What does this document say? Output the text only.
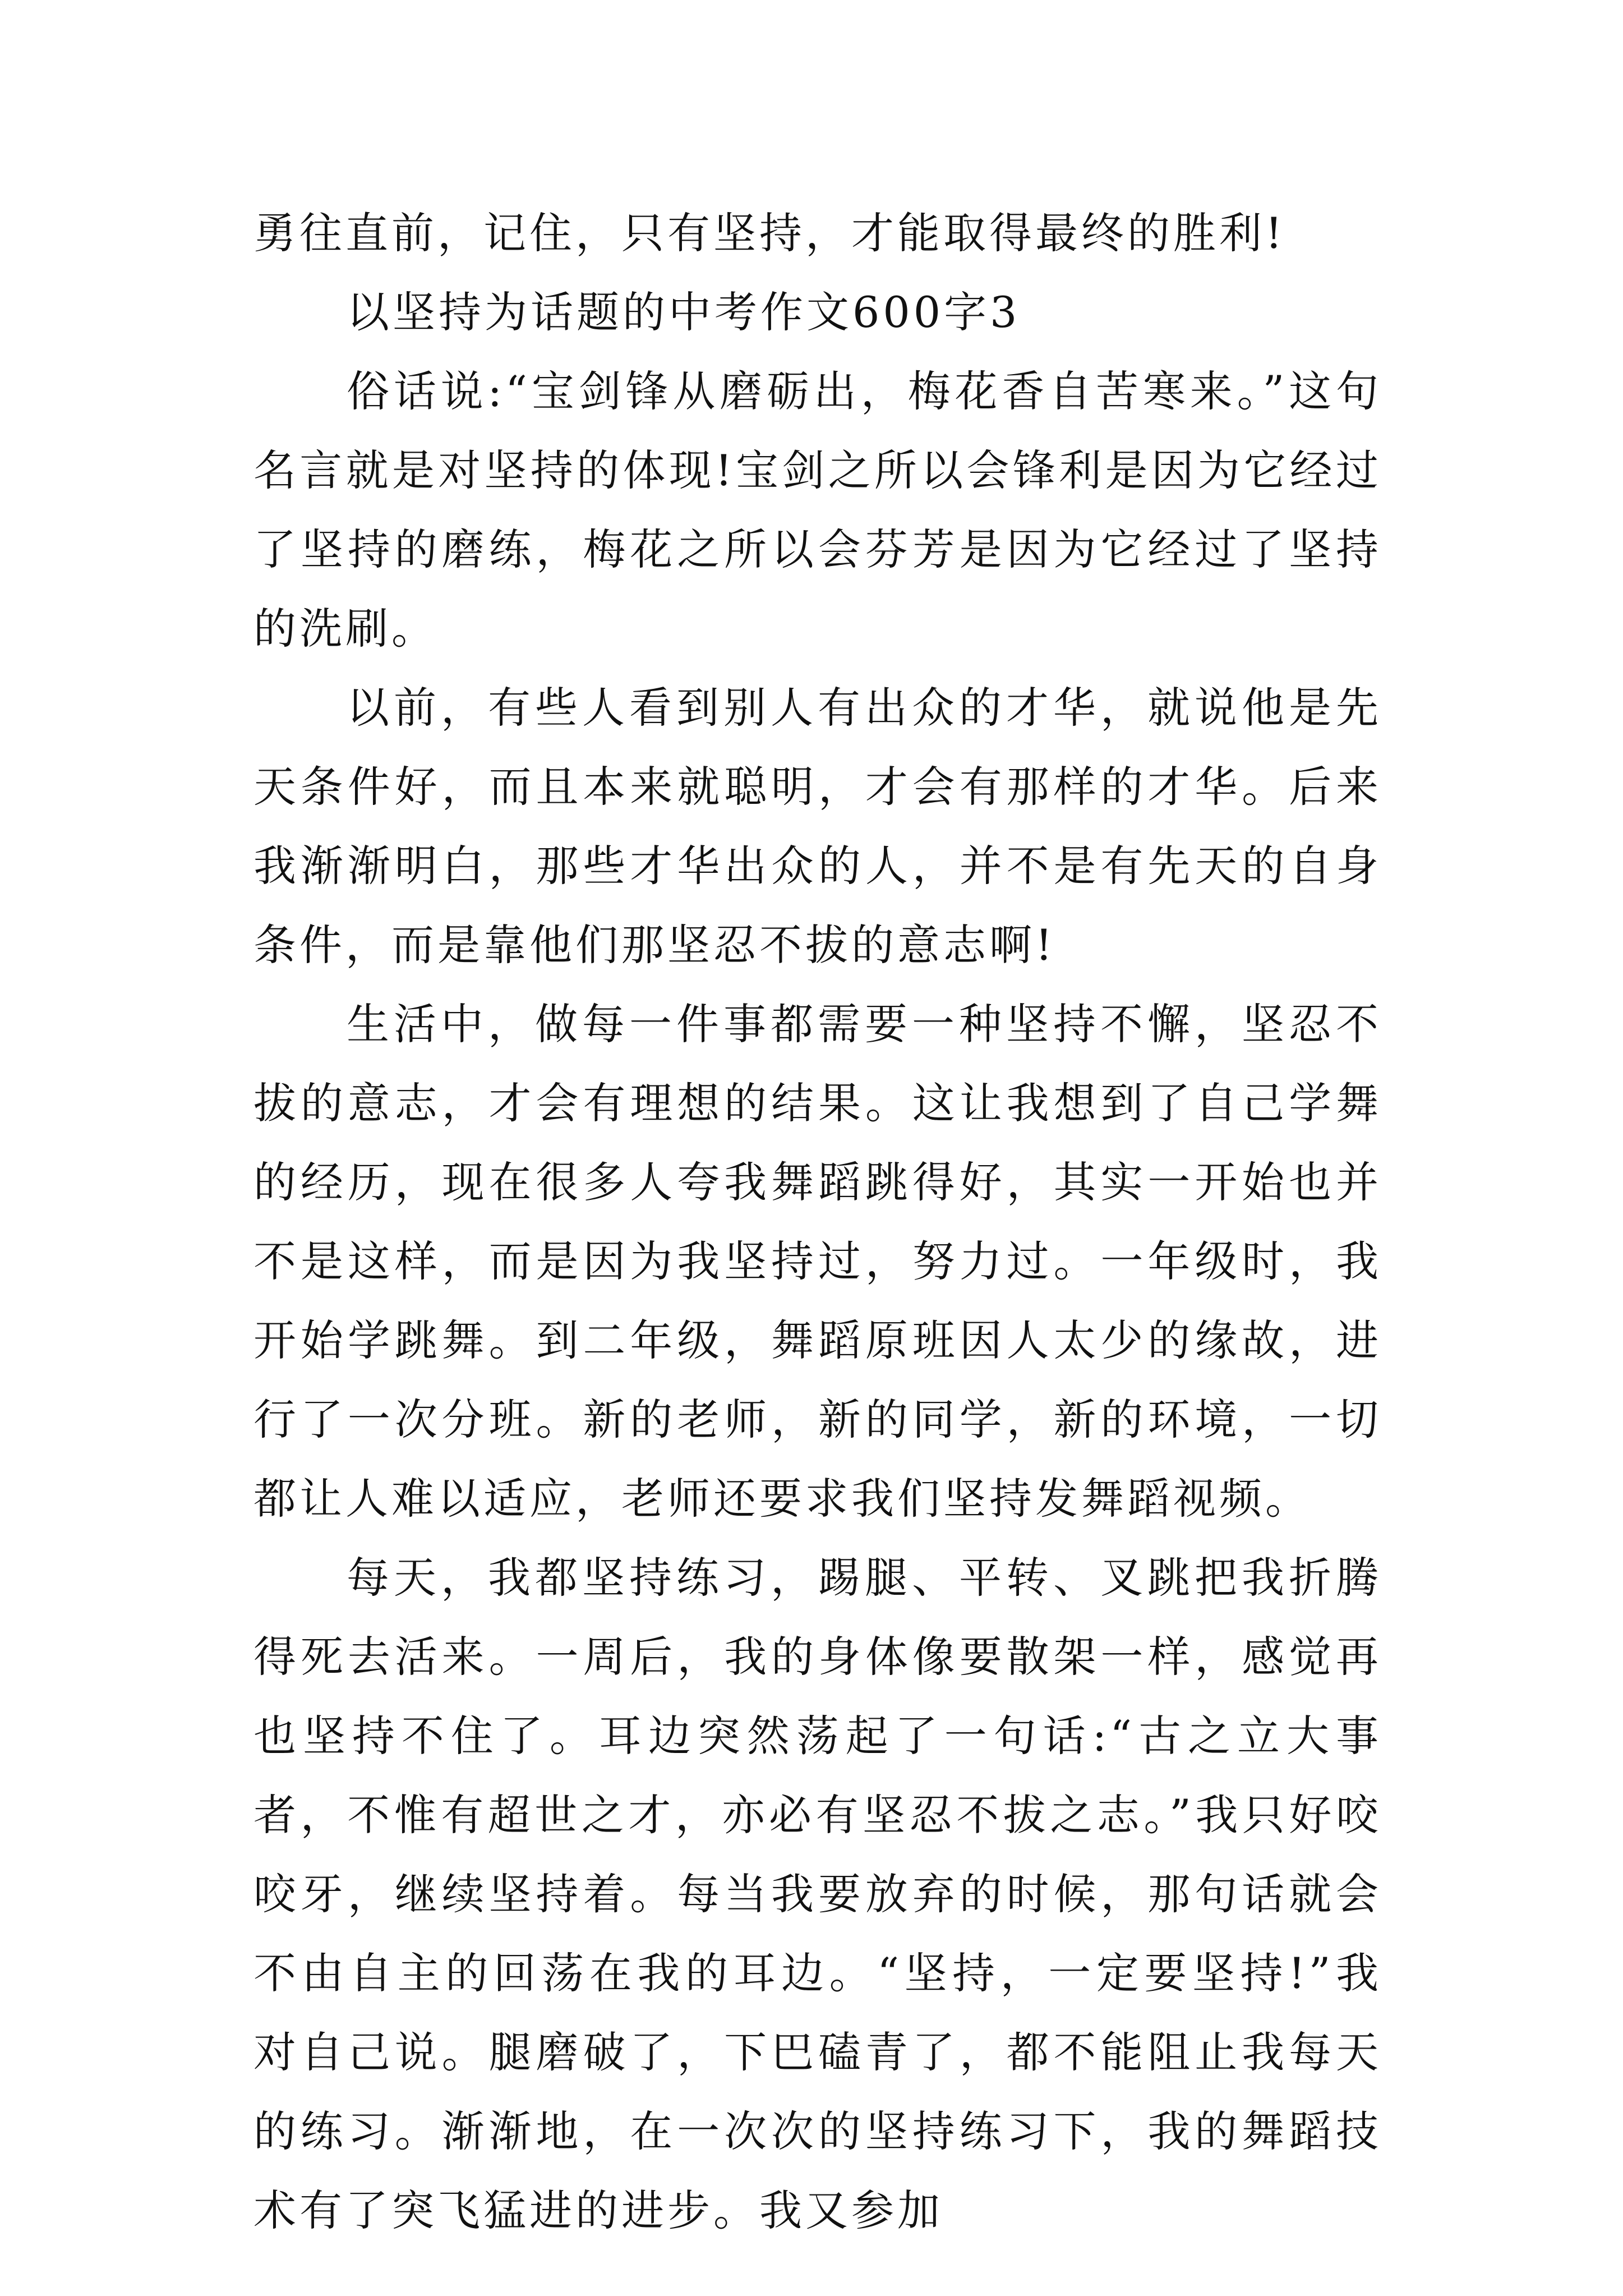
勇往直前，记住，只有坚持，才能取得最终的胜利!

以坚持为话题的中考作文600字3

俗话说:“宝剑锋从磨砺出，梅花香自苦寒来。”这句名言就是对坚持的体现!宝剑之所以会锋利是因为它经过了坚持的磨练，梅花之所以会芬芳是因为它经过了坚持的洗刷。

以前，有些人看到别人有出众的才华，就说他是先天条件好，而且本来就聪明，才会有那样的才华。后来我渐渐明白，那些才华出众的人，并不是有先天的自身条件，而是靠他们那坚忍不拔的意志啊!

生活中，做每一件事都需要一种坚持不懈，坚忍不拔的意志，才会有理想的结果。这让我想到了自己学舞的经历，现在很多人夸我舞蹈跳得好，其实一开始也并不是这样，而是因为我坚持过，努力过。一年级时，我开始学跳舞。到二年级，舞蹈原班因人太少的缘故，进行了一次分班。新的老师，新的同学，新的环境，一切都让人难以适应，老师还要求我们坚持发舞蹈视频。

每天，我都坚持练习，踢腿、平转、叉跳把我折腾得死去活来。一周后，我的身体像要散架一样，感觉再也坚持不住了。耳边突然荡起了一句话:“古之立大事者，不惟有超世之才，亦必有坚忍不拔之志。”我只好咬咬牙，继续坚持着。每当我要放弃的时候，那句话就会不由自主的回荡在我的耳边。“坚持，一定要坚持!”我对自己说。腿磨破了，下巴磕青了，都不能阻止我每天的练习。渐渐地，在一次次的坚持练习下，我的舞蹈技术有了突飞猛进的进步。我又参加
